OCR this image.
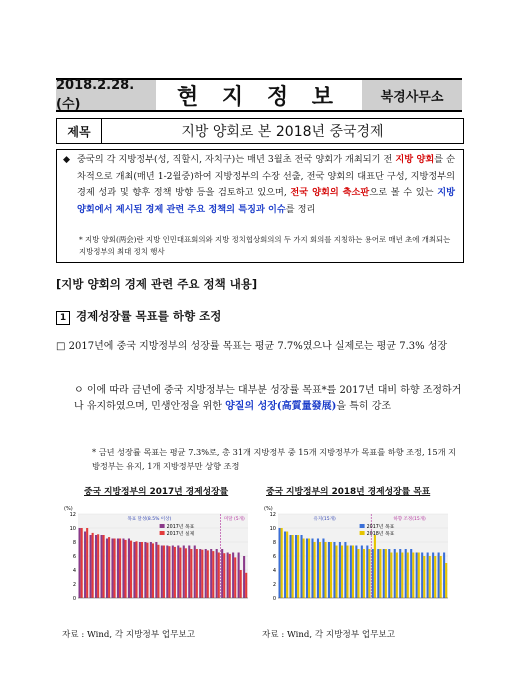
2018.2.28.(수)	현 지 정 보	북경사무소
제목	지방 양회로 본 2018년 중국경제
◆ 중국의 각 지방정부(성, 직할시, 자치구)는 매년 3월초 전국 양회가 개최되기 전 지방 양회를 순차적으로 개최(매년 1-2월중)하여 지방정부의 수장 선출, 전국 양회의 대표단 구성, 지방정부의 경제 성과 및 향후 정책 방향 등을 검토하고 있으며, 전국 양회의 축소판으로 볼 수 있는 지방 양회에서 제시된 경제 관련 주요 정책의 특징과 이슈를 정리
* 지방 양회(两会)란 지방 인민대표회의와 지방 정치협상회의의 두 가지 회의를 지칭하는 용어로 매년 초에 개최되는 지방정부의 최대 정치 행사
[지방 양회의 경제 관련 주요 정책 내용]
1 경제성장률 목표를 하향 조정
□ 2017년에 중국 지방정부의 성장률 목표는 평균 7.7%였으나 실제로는 평균 7.3% 성장
ㅇ 이에 따라 금년에 중국 지방정부는 대부분 성장률 목표*를 2017년 대비 하향 조정하거나 유지하였으며, 민생안정을 위한 양질의 성장(高質量發展)을 특히 강조
* 금년 성장률 목표는 평균 7.3%로, 총 31개 지방정부 중 15개 지방정부가 목표를 하향 조정, 15개 지방정부는 유지, 1개 지방정부만 상향 조정
중국 지방정부의 2017년 경제성장률	중국 지방정부의 2018년 경제성장률 목표
(%)
0
2
4
6
8
10
12
목표 달성(8.5% 이상)	미달 (5개)
2017년 목표
2017년 실제
(%)
0
2
4
6
8
10
12
유지(15개)	하향 조정(15개)
2017년 목표
2018년 목표
자료 : Wind, 각 지방정부 업무보고	자료 : Wind, 각 지방정부 업무보고
